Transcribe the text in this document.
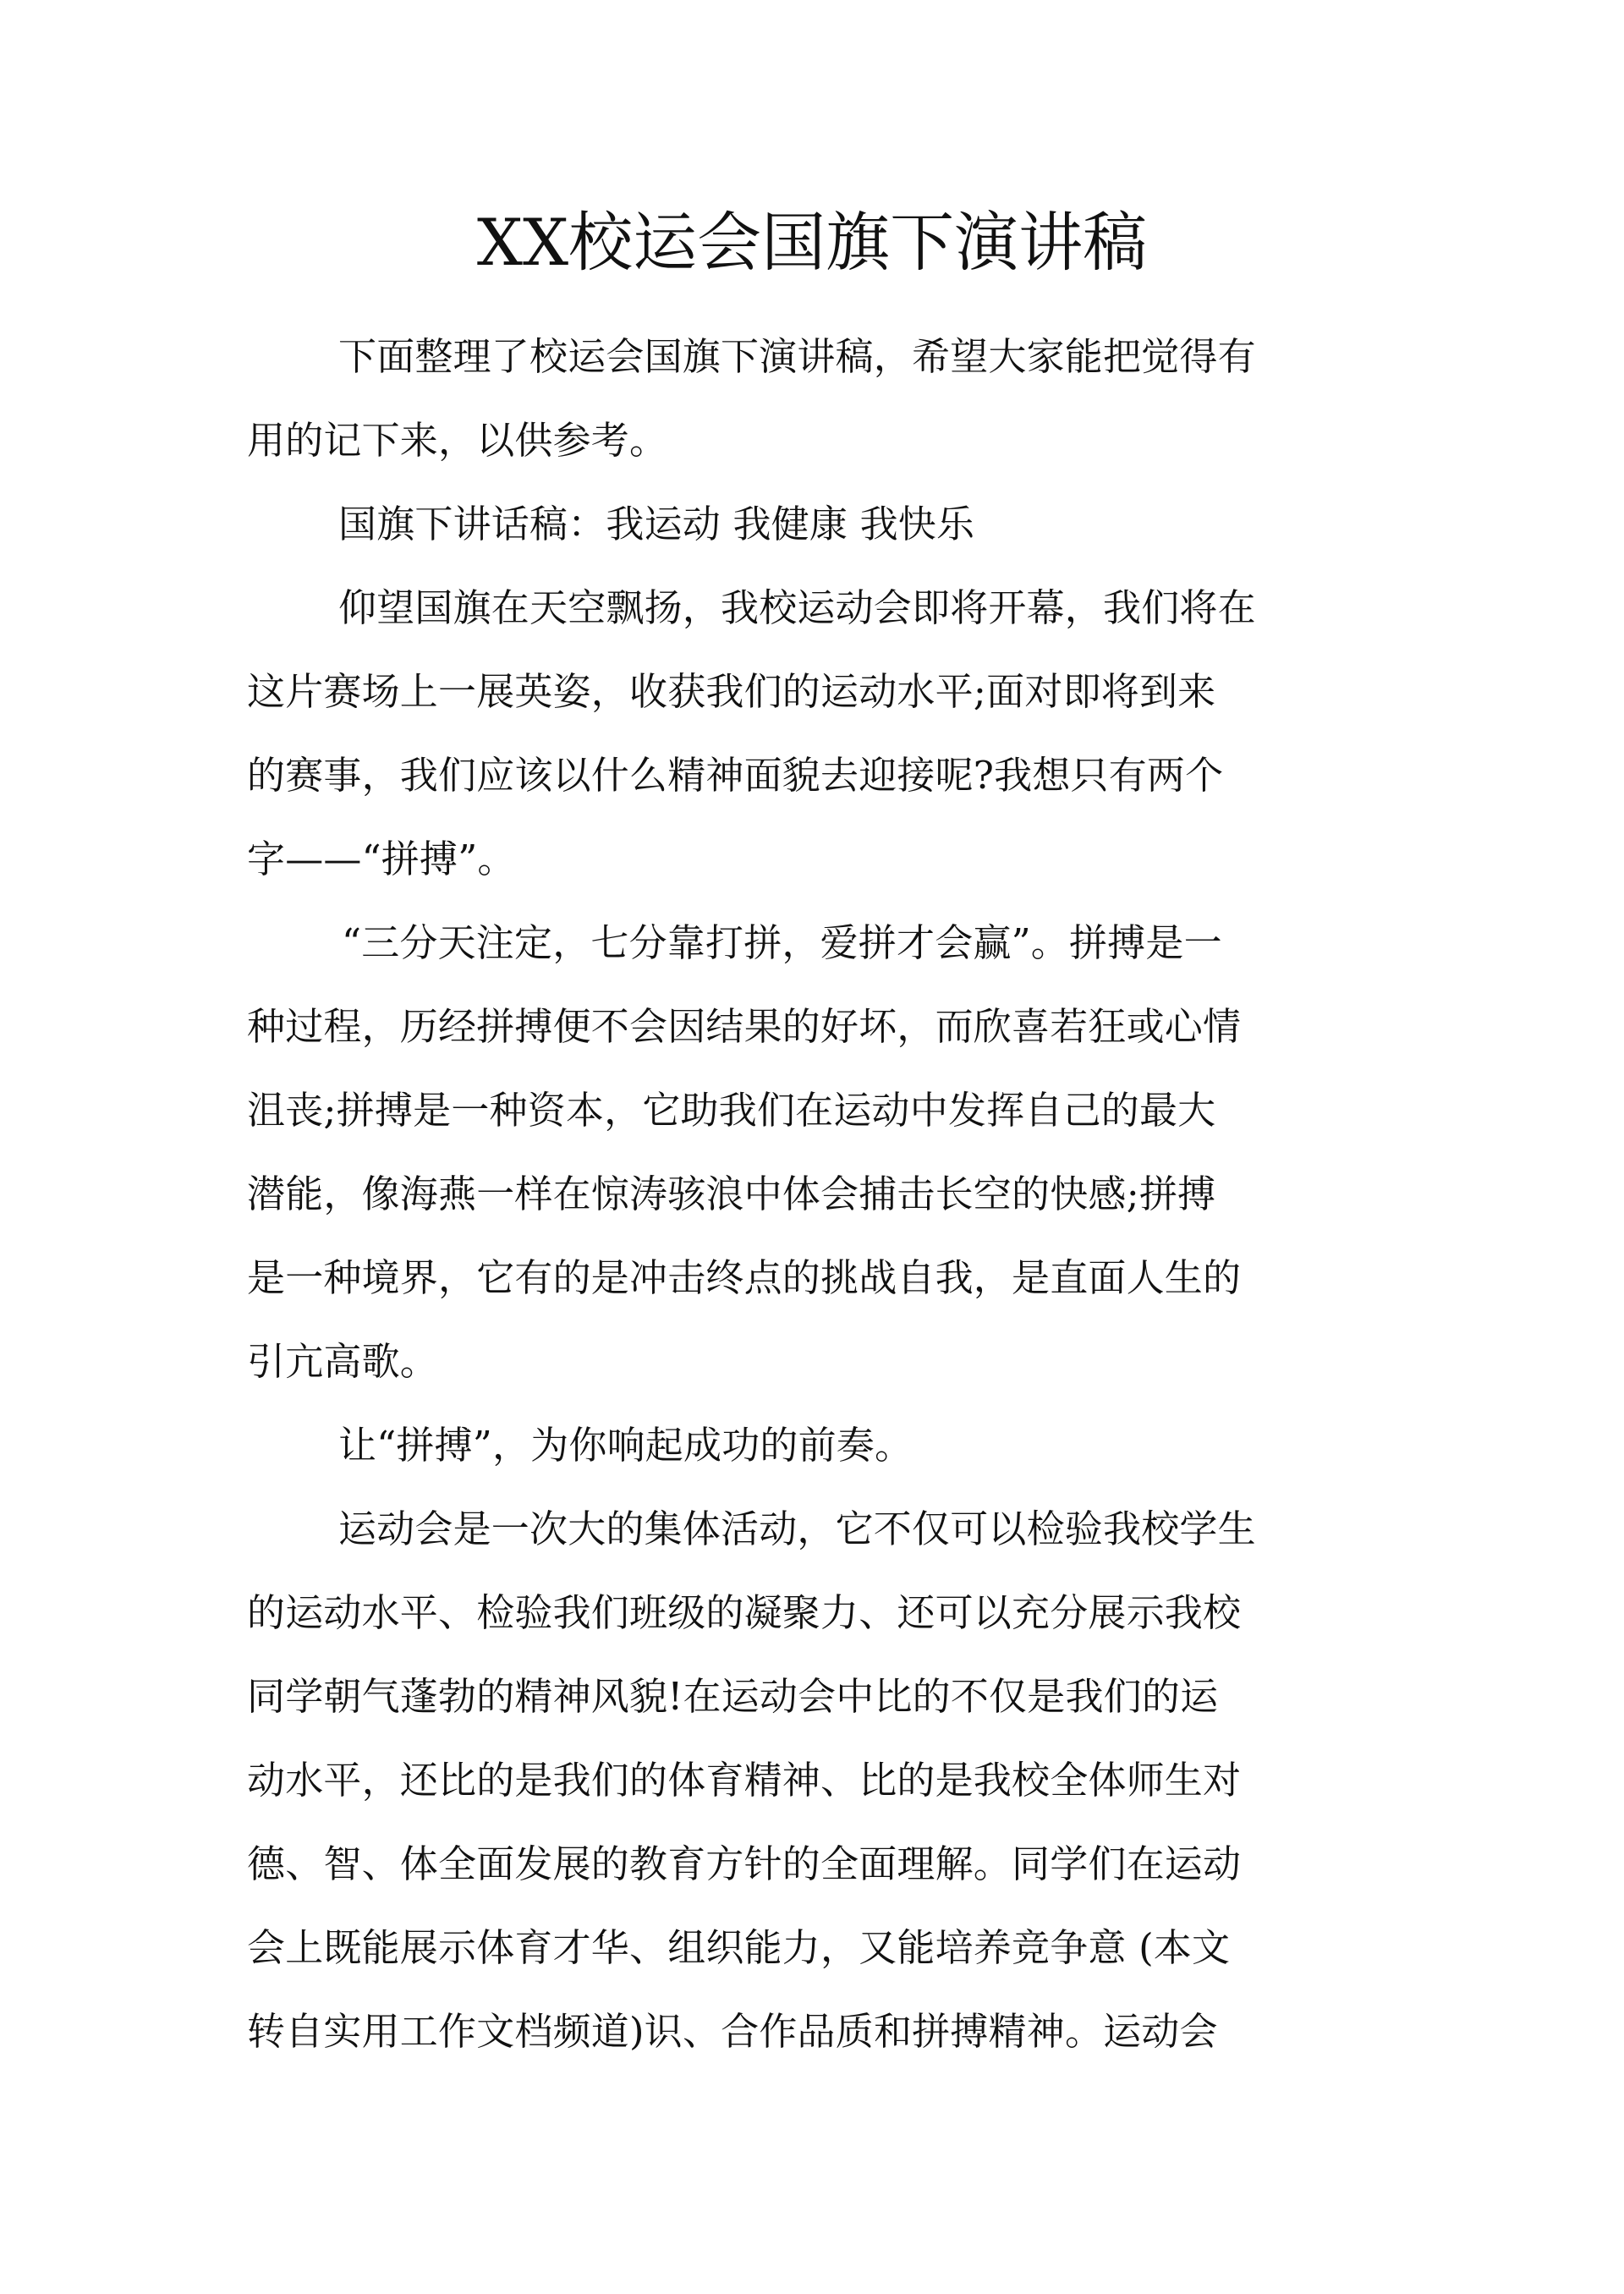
XX校运会国旗下演讲稿

下面整理了校运会国旗下演讲稿，希望大家能把觉得有
用的记下来，以供参考。

国旗下讲话稿：我运动 我健康 我快乐

仰望国旗在天空飘扬，我校运动会即将开幕，我们将在
这片赛场上一展英姿，收获我们的运动水平;面对即将到来
的赛事，我们应该以什么精神面貌去迎接呢?我想只有两个
字——“拼搏”。

“三分天注定，七分靠打拼，爱拼才会赢”。拼搏是一
种过程，历经拼搏便不会因结果的好坏，而欣喜若狂或心情
沮丧;拼搏是一种资本，它助我们在运动中发挥自己的最大
潜能，像海燕一样在惊涛骇浪中体会捕击长空的快感;拼搏
是一种境界，它有的是冲击终点的挑战自我，是直面人生的
引亢高歌。

让“拼搏”，为你响起成功的前奏。

运动会是一次大的集体活动，它不仅可以检验我校学生
的运动水平、检验我们班级的凝聚力、还可以充分展示我校
同学朝气蓬勃的精神风貌!在运动会中比的不仅是我们的运
动水平，还比的是我们的体育精神、比的是我校全体师生对
德、智、体全面发展的教育方针的全面理解。同学们在运动
会上既能展示体育才华、组织能力，又能培养竞争意 (本文
转自实用工作文档频道)识、合作品质和拼搏精神。运动会
